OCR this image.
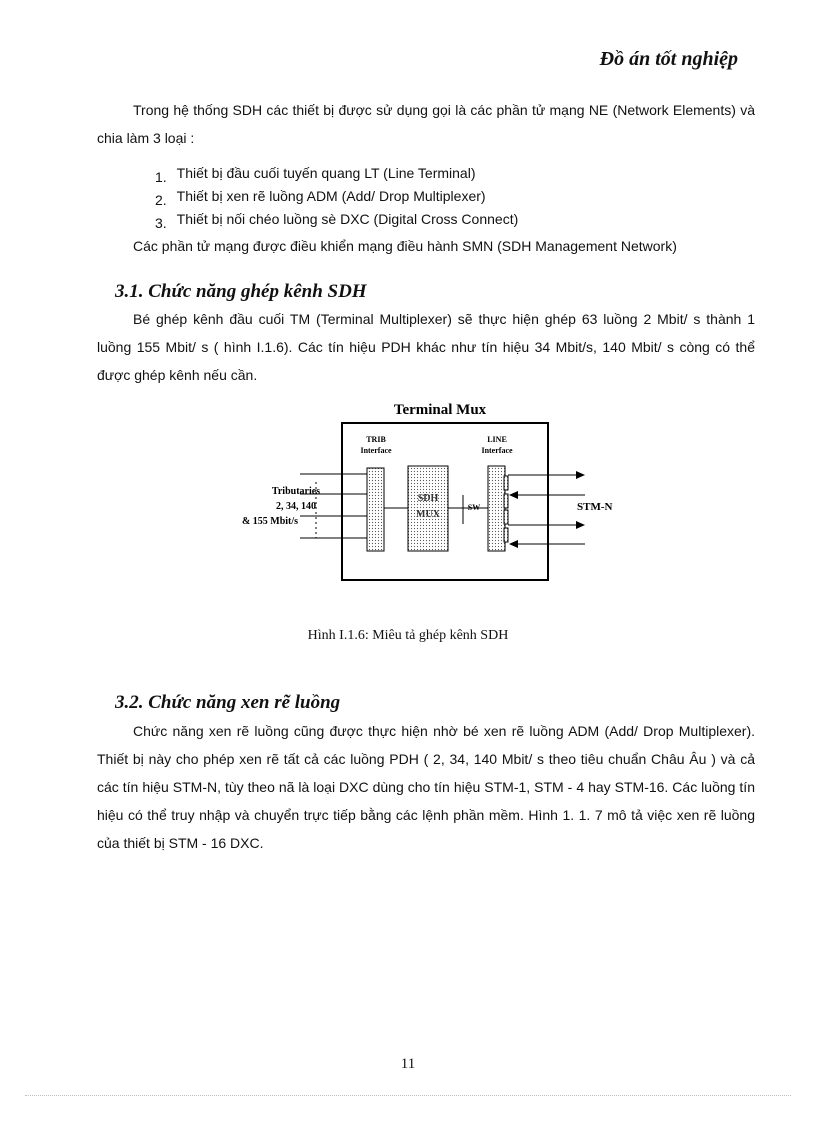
Đồ án tốt nghiệp
Trong hệ thống SDH các thiết bị được sử dụng gọi là các phần tử mạng NE (Network Elements) và chia làm 3 loại :
1. Thiết bị đầu cuối tuyến quang LT (Line Terminal)
2. Thiết bị xen rẽ luồng ADM (Add/ Drop Multiplexer)
3. Thiết bị nối chéo luồng sè DXC (Digital Cross Connect)
Các phần tử mạng được điều khiển mạng điều hành SMN (SDH Management Network)
3.1. Chức năng ghép kênh SDH
Bé ghép kênh đầu cuối TM (Terminal Multiplexer) sẽ thực hiện ghép 63 luồng 2 Mbit/ s thành 1 luồng 155 Mbit/ s ( hình I.1.6). Các tín hiệu PDH khác như tín hiệu 34 Mbit/s, 140 Mbit/ s còng có thể được ghép kênh nếu cần.
Terminal Mux
TRIB
Interface
LINE
Interface
Tributaries
2, 34, 140
& 155 Mbit/s
SDH
MUX
SW	STM-N
Hình I.1.6: Miêu tả ghép kênh SDH
3.2. Chức năng xen rẽ luồng
Chức năng xen rẽ luồng cũng được thực hiện nhờ bé xen rẽ luồng ADM (Add/ Drop Multiplexer). Thiết bị này cho phép xen rẽ tất cả các luồng PDH ( 2, 34, 140 Mbit/ s theo tiêu chuẩn Châu Âu ) và cả các tín hiệu STM-N, tùy theo nã là loại DXC dùng cho tín hiệu STM-1, STM - 4 hay STM-16. Các luồng tín hiệu có thể truy nhập và chuyển trực tiếp bằng các lệnh phần mềm. Hình 1. 1. 7 mô tả việc xen rẽ luồng của thiết bị STM - 16 DXC.
11
